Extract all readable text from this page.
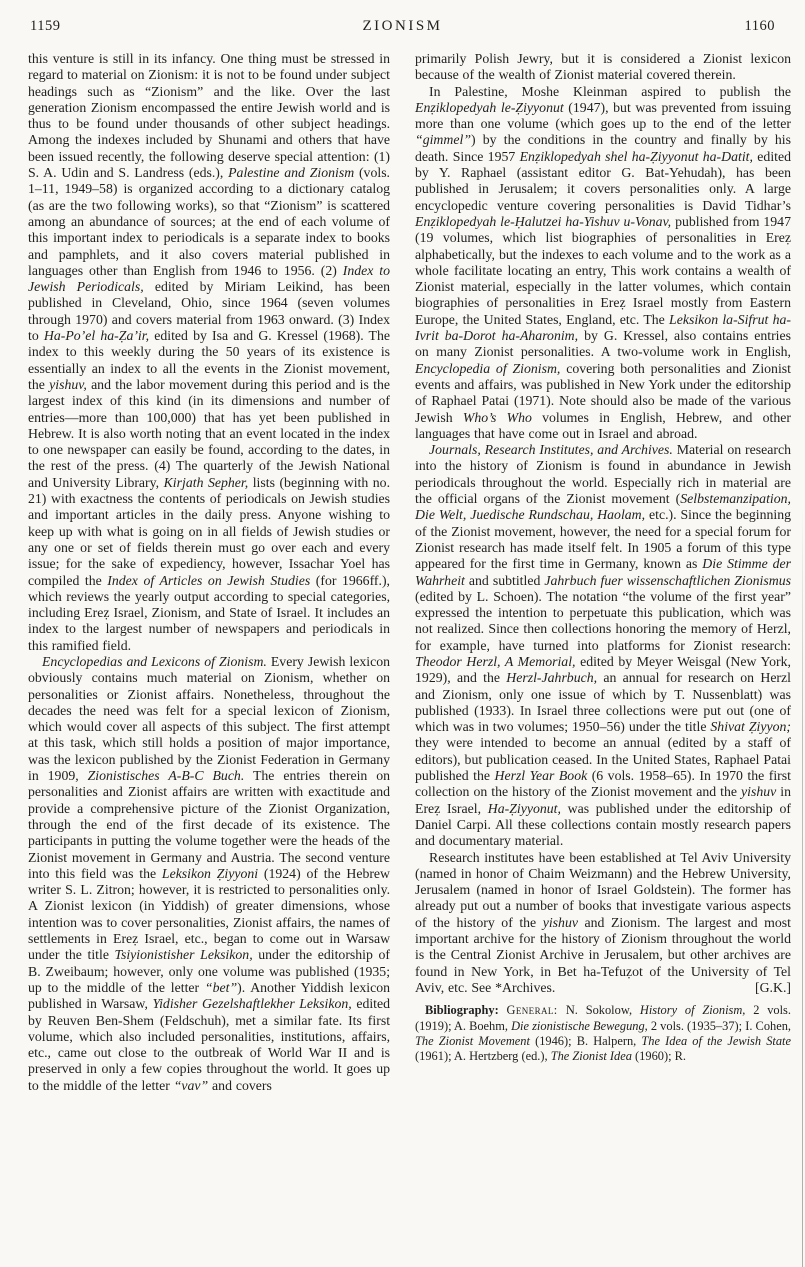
1159	ZIONISM	1160

this venture is still in its infancy. One thing must be stressed in regard to material on Zionism: it is not to be found under subject headings such as “Zionism” and the like. Over the last generation Zionism encompassed the entire Jewish world and is thus to be found under thousands of other subject headings. Among the indexes included by Shunami and others that have been issued recently, the following deserve special attention: (1) S. A. Udin and S. Landress (eds.), Palestine and Zionism (vols. 1–11, 1949–58) is organized according to a dictionary catalog (as are the two following works), so that “Zionism” is scattered among an abundance of sources; at the end of each volume of this important index to periodicals is a separate index to books and pamphlets, and it also covers material published in languages other than English from 1946 to 1956. (2) Index to Jewish Periodicals, edited by Miriam Leikind, has been published in Cleveland, Ohio, since 1964 (seven volumes through 1970) and covers material from 1963 onward. (3) Index to Ha-Po’el ha-Ẓa’ir, edited by Isa and G. Kressel (1968). The index to this weekly during the 50 years of its existence is essentially an index to all the events in the Zionist movement, the yishuv, and the labor movement during this period and is the largest index of this kind (in its dimensions and number of entries—more than 100,000) that has yet been published in Hebrew. It is also worth noting that an event located in the index to one newspaper can easily be found, according to the dates, in the rest of the press. (4) The quarterly of the Jewish National and University Library, Kirjath Sepher, lists (beginning with no. 21) with exactness the contents of periodicals on Jewish studies and important articles in the daily press. Anyone wishing to keep up with what is going on in all fields of Jewish studies or any one or set of fields therein must go over each and every issue; for the sake of expediency, however, Issachar Yoel has compiled the Index of Articles on Jewish Studies (for 1966ff.), which reviews the yearly output according to special categories, including Ereẓ Israel, Zionism, and State of Israel. It includes an index to the largest number of newspapers and periodicals in this ramified field.

Encyclopedias and Lexicons of Zionism. Every Jewish lexicon obviously contains much material on Zionism, whether on personalities or Zionist affairs. Nonetheless, throughout the decades the need was felt for a special lexicon of Zionism, which would cover all aspects of this subject. The first attempt at this task, which still holds a position of major importance, was the lexicon published by the Zionist Federation in Germany in 1909, Zionistisches A-B-C Buch. The entries therein on personalities and Zionist affairs are written with exactitude and provide a comprehensive picture of the Zionist Organization, through the end of the first decade of its existence. The participants in putting the volume together were the heads of the Zionist movement in Germany and Austria. The second venture into this field was the Leksikon Ẓiyyoni (1924) of the Hebrew writer S. L. Zitron; however, it is restricted to personalities only. A Zionist lexicon (in Yiddish) of greater dimensions, whose intention was to cover personalities, Zionist affairs, the names of settlements in Ereẓ Israel, etc., began to come out in Warsaw under the title Tsiyionistisher Leksikon, under the editorship of B. Zweibaum; however, only one volume was published (1935; up to the middle of the letter “bet”). Another Yiddish lexicon published in Warsaw, Yidisher Gezelshaftlekher Leksikon, edited by Reuven Ben-Shem (Feldschuh), met a similar fate. Its first volume, which also included personalities, institutions, affairs, etc., came out close to the outbreak of World War II and is preserved in only a few copies throughout the world. It goes up to the middle of the letter “vav” and covers

primarily Polish Jewry, but it is considered a Zionist lexicon because of the wealth of Zionist material covered therein.

In Palestine, Moshe Kleinman aspired to publish the Enẓiklopedyah le-Ẓiyyonut (1947), but was prevented from issuing more than one volume (which goes up to the end of the letter “gimmel”) by the conditions in the country and finally by his death. Since 1957 Enẓiklopedyah shel ha-Ẓiyyonut ha-Datit, edited by Y. Raphael (assistant editor G. Bat-Yehudah), has been published in Jerusalem; it covers personalities only. A large encyclopedic venture covering personalities is David Tidhar’s Enẓiklopedyah le-Ḥalutzei ha-Yishuv u-Vonav, published from 1947 (19 volumes, which list biographies of personalities in Ereẓ alphabetically, but the indexes to each volume and to the work as a whole facilitate locating an entry, This work contains a wealth of Zionist material, especially in the latter volumes, which contain biographies of personalities in Ereẓ Israel mostly from Eastern Europe, the United States, England, etc. The Leksikon la-Sifrut ha-Ivrit ba-Dorot ha-Aharonim, by G. Kressel, also contains entries on many Zionist personalities. A two-volume work in English, Encyclopedia of Zionism, covering both personalities and Zionist events and affairs, was published in New York under the editorship of Raphael Patai (1971). Note should also be made of the various Jewish Who’s Who volumes in English, Hebrew, and other languages that have come out in Israel and abroad.

Journals, Research Institutes, and Archives. Material on research into the history of Zionism is found in abundance in Jewish periodicals throughout the world. Especially rich in material are the official organs of the Zionist movement (Selbstemanzipation, Die Welt, Juedische Rundschau, Haolam, etc.). Since the beginning of the Zionist movement, however, the need for a special forum for Zionist research has made itself felt. In 1905 a forum of this type appeared for the first time in Germany, known as Die Stimme der Wahrheit and subtitled Jahrbuch fuer wissenschaftlichen Zionismus (edited by L. Schoen). The notation “the volume of the first year” expressed the intention to perpetuate this publication, which was not realized. Since then collections honoring the memory of Herzl, for example, have turned into platforms for Zionist research: Theodor Herzl, A Memorial, edited by Meyer Weisgal (New York, 1929), and the Herzl-Jahrbuch, an annual for research on Herzl and Zionism, only one issue of which by T. Nussenblatt) was published (1933). In Israel three collections were put out (one of which was in two volumes; 1950–56) under the title Shivat Ẓiyyon; they were intended to become an annual (edited by a staff of editors), but publication ceased. In the United States, Raphael Patai published the Herzl Year Book (6 vols. 1958–65). In 1970 the first collection on the history of the Zionist movement and the yishuv in Ereẓ Israel, Ha-Ẓiyyonut, was published under the editorship of Daniel Carpi. All these collections contain mostly research papers and documentary material.

Research institutes have been established at Tel Aviv University (named in honor of Chaim Weizmann) and the Hebrew University, Jerusalem (named in honor of Israel Goldstein). The former has already put out a number of books that investigate various aspects of the history of the yishuv and Zionism. The largest and most important archive for the history of Zionism throughout the world is the Central Zionist Archive in Jerusalem, but other archives are found in New York, in Bet ha-Tefuẓot of the University of Tel Aviv, etc. See *Archives.	[G.K.]

Bibliography: General: N. Sokolow, History of Zionism, 2 vols. (1919); A. Boehm, Die zionistische Bewegung, 2 vols. (1935–37); I. Cohen, The Zionist Movement (1946); B. Halpern, The Idea of the Jewish State (1961); A. Hertzberg (ed.), The Zionist Idea (1960); R.
